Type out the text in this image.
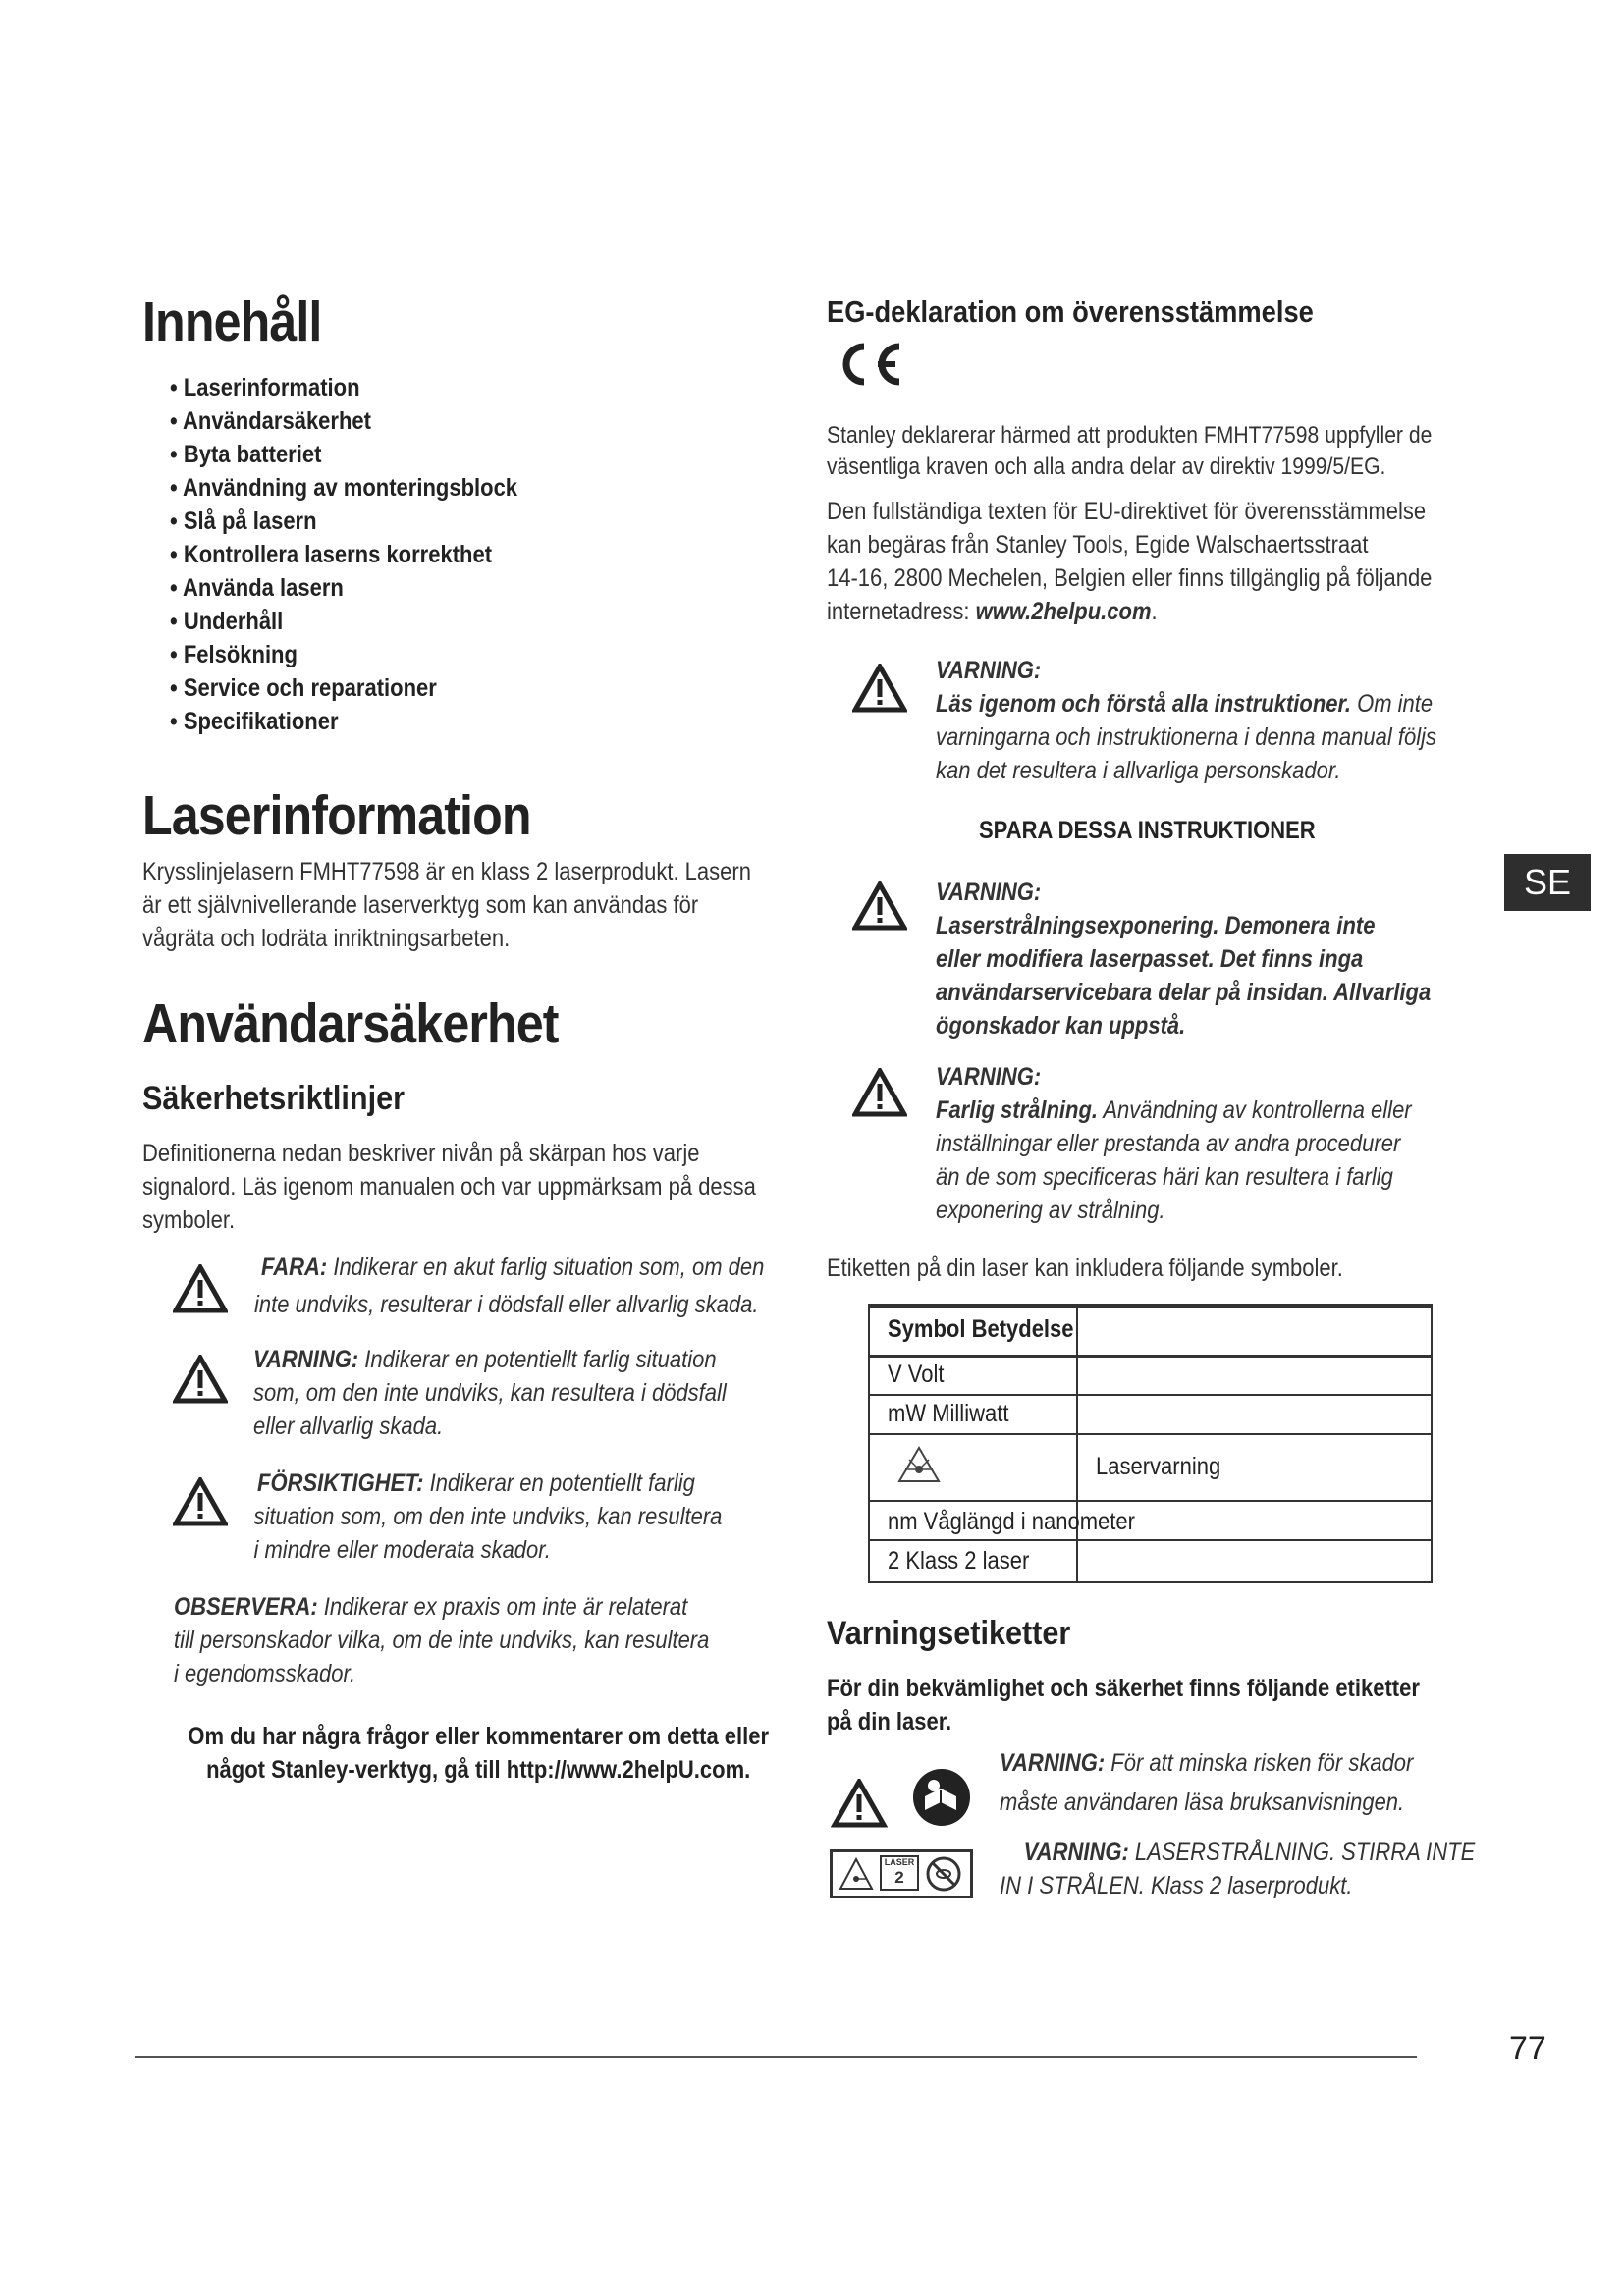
Innehåll
• Laserinformation
• Användarsäkerhet
• Byta batteriet
• Användning av monteringsblock
• Slå på lasern
• Kontrollera laserns korrekthet
• Använda lasern
• Underhåll
• Felsökning
• Service och reparationer
• Specifikationer
Laserinformation
Krysslinjelasern FMHT77598 är en klass 2 laserprodukt. Lasern
är ett självnivellerande laserverktyg som kan användas för
vågräta och lodräta inriktningsarbeten.
Användarsäkerhet
Säkerhetsriktlinjer
Definitionerna nedan beskriver nivån på skärpan hos varje
signalord. Läs igenom manualen och var uppmärksam på dessa
symboler.
FARA: Indikerar en akut farlig situation som, om den
inte undviks, resulterar i dödsfall eller allvarlig skada.
VARNING: Indikerar en potentiellt farlig situation
som, om den inte undviks, kan resultera i dödsfall
eller allvarlig skada.
FÖRSIKTIGHET: Indikerar en potentiellt farlig
situation som, om den inte undviks, kan resultera
i mindre eller moderata skador.
OBSERVERA: Indikerar ex praxis om inte är relaterat
till personskador vilka, om de inte undviks, kan resultera
i egendomsskador.
Om du har några frågor eller kommentarer om detta eller
något Stanley-verktyg, gå till http://www.2helpU.com.
EG-deklaration om överensstämmelse
Stanley deklarerar härmed att produkten FMHT77598 uppfyller de
väsentliga kraven och alla andra delar av direktiv 1999/5/EG.
Den fullständiga texten för EU-direktivet för överensstämmelse
kan begäras från Stanley Tools, Egide Walschaertsstraat
14-16, 2800 Mechelen, Belgien eller finns tillgänglig på följande
internetadress: www.2helpu.com.
VARNING:
Läs igenom och förstå alla instruktioner. Om inte
varningarna och instruktionerna i denna manual följs
kan det resultera i allvarliga personskador.
SPARA DESSA INSTRUKTIONER
VARNING:
Laserstrålningsexponering. Demonera inte
eller modifiera laserpasset. Det finns inga
användarservicebara delar på insidan. Allvarliga
ögonskador kan uppstå.
VARNING:
Farlig strålning. Användning av kontrollerna eller
inställningar eller prestanda av andra procedurer
än de som specificeras häri kan resultera i farlig
exponering av strålning.
Etiketten på din laser kan inkludera följande symboler.
Symbol Betydelse
V Volt
mW Milliwatt
Laservarning
nm Våglängd i nanometer
2 Klass 2 laser
SE
Varningsetiketter
För din bekvämlighet och säkerhet finns följande etiketter
på din laser.
VARNING: För att minska risken för skador
måste användaren läsa bruksanvisningen.
LASER
2
VARNING: LASERSTRÅLNING. STIRRA INTE
IN I STRÅLEN. Klass 2 laserprodukt.
77
